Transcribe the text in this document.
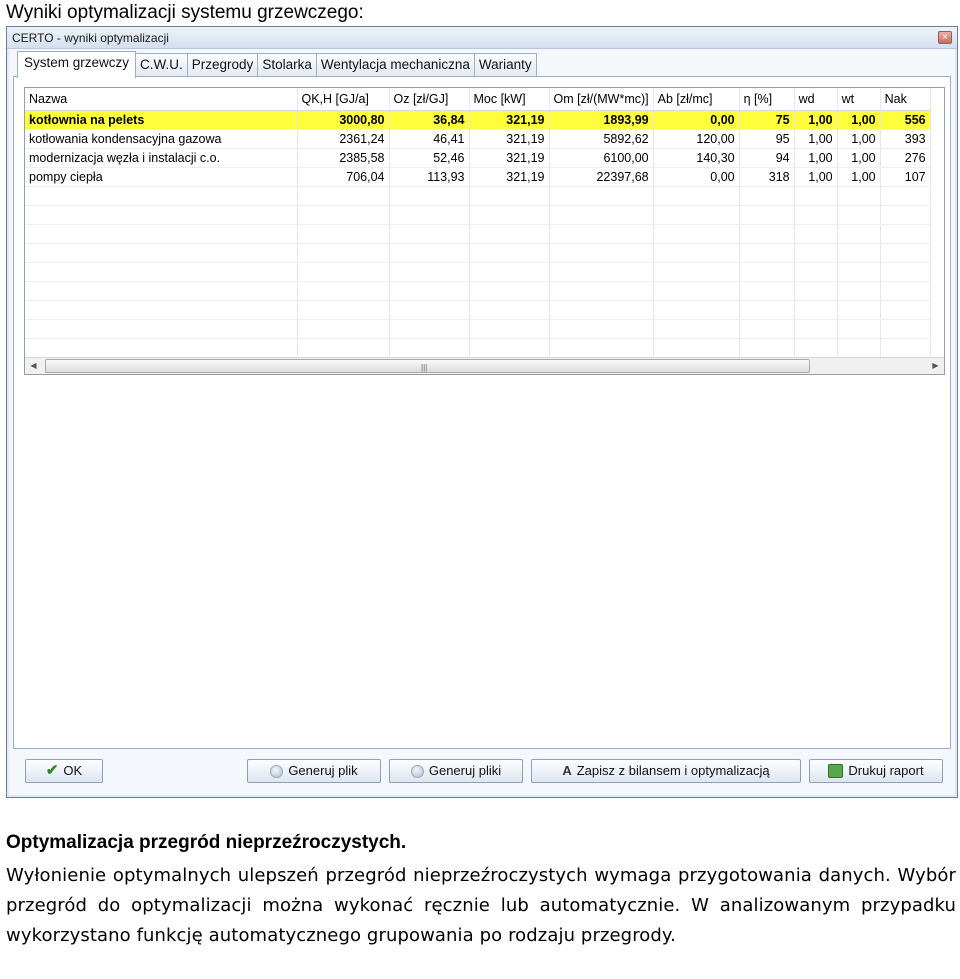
Wyniki optymalizacji systemu grzewczego:
CERTO - wyniki optymalizacji	×
System grzewczy C.W.U. Przegrody Stolarka Wentylacja mechaniczna Warianty
Nazwa	QK,H [GJ/a]	Oz [zł/GJ]	Moc [kW]	Om [zł/(MW*mc)]	Ab [zł/mc]	η [%]	wd	wt	Nak
kotłownia na pelets	3000,80	36,84	321,19	1893,99	0,00	75	1,00	1,00	556
kotłowania kondensacyjna gazowa	2361,24	46,41	321,19	5892,62	120,00	95	1,00	1,00	393
modernizacja węzła i instalacji c.o.	2385,58	52,46	321,19	6100,00	140,30	94	1,00	1,00	276
pompy ciepła	706,04	113,93	321,19	22397,68	0,00	318	1,00	1,00	107

◀	|||	▶
✔ OK	Generuj plik	Generuj pliki	A Zapisz z bilansem i optymalizacją	Drukuj raport
Optymalizacja przegród nieprzeźroczystych.
Wyłonienie optymalnych ulepszeń przegród nieprzeźroczystych wymaga przygotowania danych. Wybór przegród do optymalizacji można wykonać ręcznie lub automatycznie. W analizowanym przypadku wykorzystano funkcję automatycznego grupowania po rodzaju przegrody.
